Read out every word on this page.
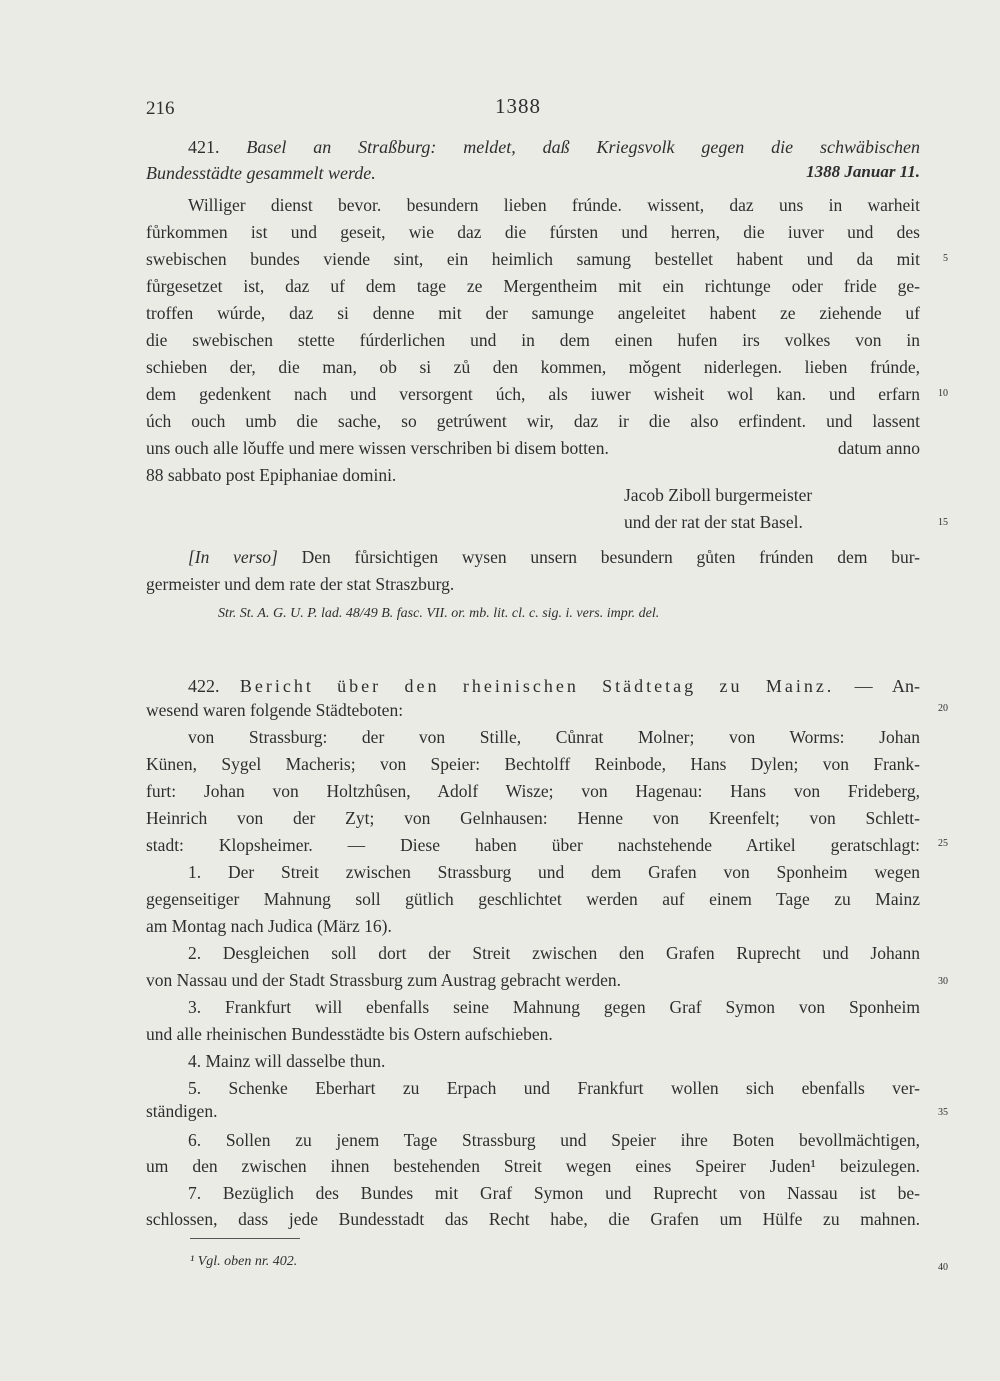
216	1388
421. Basel an Straßburg: meldet, daß Kriegsvolk gegen die schwäbischen
Bundesstädte gesammelt werde.	1388 Januar 11.
Williger dienst bevor. besundern lieben frúnde. wissent, daz uns in warheit
fůrkommen ist und geseit, wie daz die fúrsten und herren, die iuver und des
swebischen bundes viende sint, ein heimlich samung bestellet habent und da mit
fůrgesetzet ist, daz uf dem tage ze Mergentheim mit ein richtunge oder fride ge-
troffen wúrde, daz si denne mit der samunge angeleitet habent ze ziehende uf
die swebischen stette fúrderlichen und in dem einen hufen irs volkes von in
schieben der, die man, ob si zů den kommen, mǒgent niderlegen. lieben frúnde,
dem gedenkent nach und versorgent úch, als iuwer wisheit wol kan. und erfarn
úch ouch umb die sache, so getrúwent wir, daz ir die also erfindent. und lassent
uns ouch alle lǒuffe und mere wissen verschriben bi disem botten.	datum anno
88 sabbato post Epiphaniae domini.
Jacob Ziboll burgermeister
und der rat der stat Basel.
[In verso] Den fůrsichtigen wysen unsern besundern gůten frúnden dem bur-
germeister und dem rate der stat Straszburg.
Str. St. A. G. U. P. lad. 48/49 B. fasc. VII. or. mb. lit. cl. c. sig. i. vers. impr. del.
422. Bericht über den rheinischen Städtetag zu Mainz. — An-
wesend waren folgende Städteboten:
von Strassburg: der von Stille, Cůnrat Molner; von Worms: Johan
Künen, Sygel Macheris; von Speier: Bechtolff Reinbode, Hans Dylen; von Frank-
furt: Johan von Holtzhûsen, Adolf Wisze; von Hagenau: Hans von Frideberg,
Heinrich von der Zyt; von Gelnhausen: Henne von Kreenfelt; von Schlett-
stadt: Klopsheimer. — Diese haben über nachstehende Artikel geratschlagt:
1. Der Streit zwischen Strassburg und dem Grafen von Sponheim wegen
gegenseitiger Mahnung soll gütlich geschlichtet werden auf einem Tage zu Mainz
am Montag nach Judica (März 16).
2. Desgleichen soll dort der Streit zwischen den Grafen Ruprecht und Johann
von Nassau und der Stadt Strassburg zum Austrag gebracht werden.
3. Frankfurt will ebenfalls seine Mahnung gegen Graf Symon von Sponheim
und alle rheinischen Bundesstädte bis Ostern aufschieben.
4. Mainz will dasselbe thun.
5. Schenke Eberhart zu Erpach und Frankfurt wollen sich ebenfalls ver-
ständigen.
6. Sollen zu jenem Tage Strassburg und Speier ihre Boten bevollmächtigen,
um den zwischen ihnen bestehenden Streit wegen eines Speirer Juden¹ beizulegen.
7. Bezüglich des Bundes mit Graf Symon und Ruprecht von Nassau ist be-
schlossen, dass jede Bundesstadt das Recht habe, die Grafen um Hülfe zu mahnen.
¹ Vgl. oben nr. 402.
5
10
15
20
25
30
35
40
